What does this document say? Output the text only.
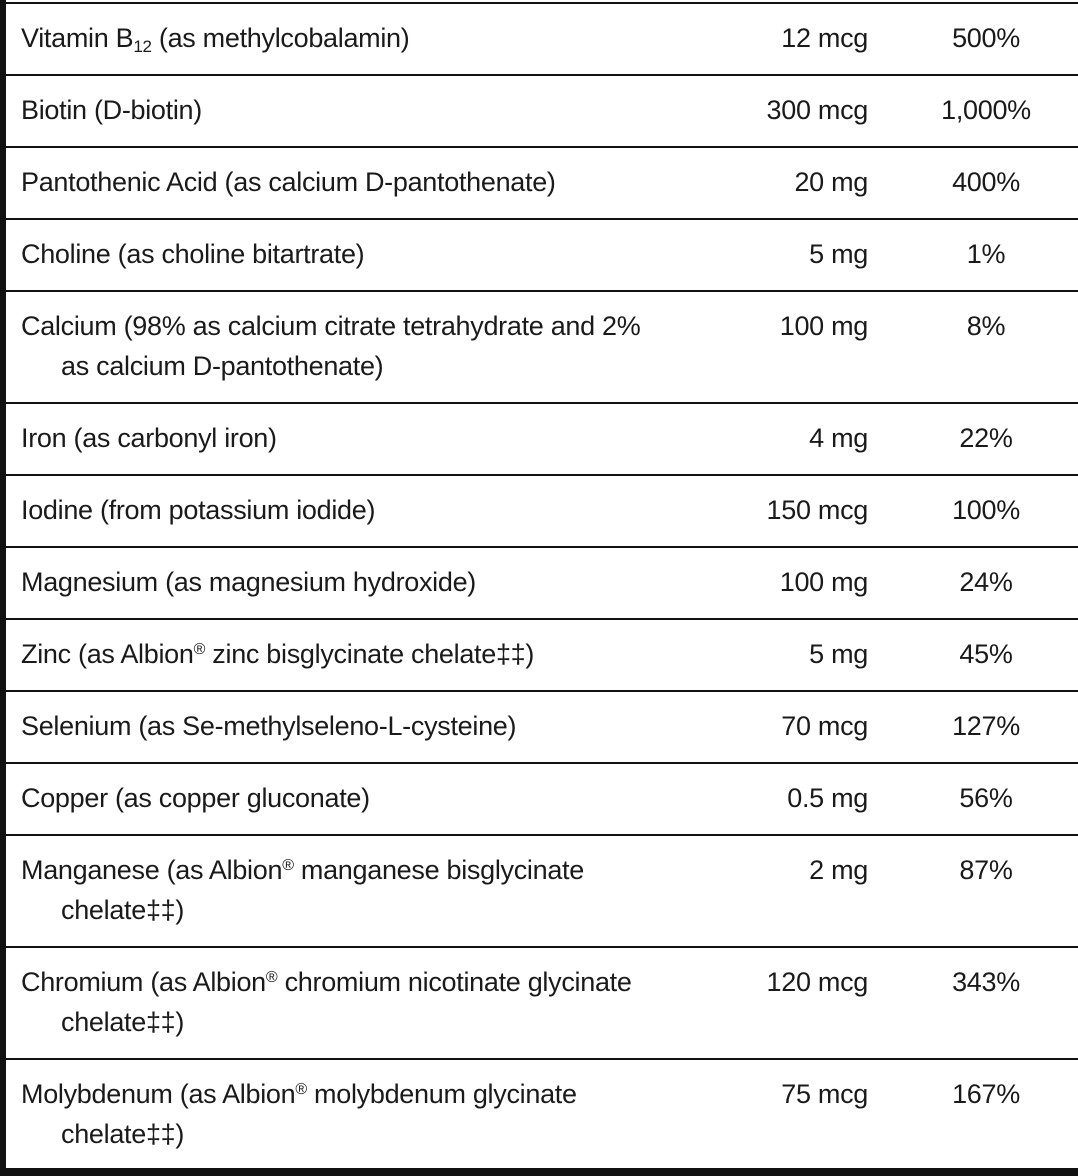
Vitamin $B_{12}$ (as methylcobalamin)	12 mcg	500%
Biotin (D-biotin)	300 mcg	1,000%
Pantothenic Acid (as calcium D-pantothenate)	20 mg	400%
Choline (as choline bitartrate)	5 mg	1%
Calcium (98% as calcium citrate tetrahydrate and 2%
as calcium D-pantothenate)
100 mg	8%
Iron (as carbonyl iron)	4 mg	22%
Iodine (from potassium iodide)	150 mcg	100%
Magnesium (as magnesium hydroxide)	100 mg	24%
Zinc (as Albion® zinc bisglycinate chelate‡‡)	5 mg	45%
Selenium (as Se-methylseleno-L-cysteine)	70 mcg	127%
Copper (as copper gluconate)	0.5 mg	56%
Manganese (as Albion® manganese bisglycinate
chelate‡‡)
2 mg	87%
Chromium (as Albion® chromium nicotinate glycinate
chelate‡‡)
120 mcg	343%
Molybdenum (as Albion® molybdenum glycinate
chelate‡‡)
75 mcg	167%
